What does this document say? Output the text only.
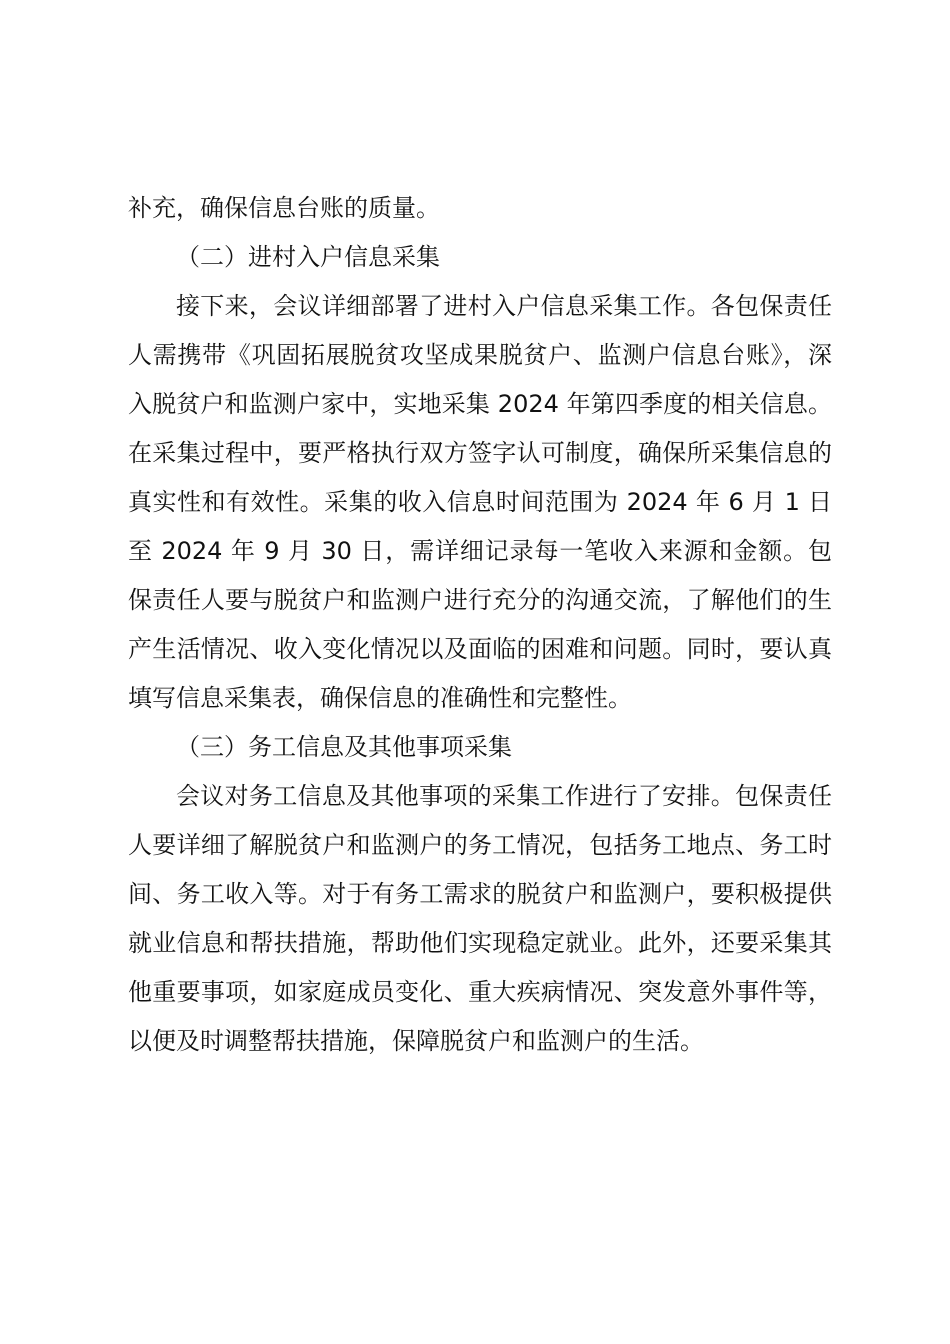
补充，确保信息台账的质量。

（二）进村入户信息采集

接下来，会议详细部署了进村入户信息采集工作。各包保责任人需携带《巩固拓展脱贫攻坚成果脱贫户、监测户信息台账》，深入脱贫户和监测户家中，实地采集 2024 年第四季度的相关信息。在采集过程中，要严格执行双方签字认可制度，确保所采集信息的真实性和有效性。采集的收入信息时间范围为 2024 年 6 月 1 日至 2024 年 9 月 30 日，需详细记录每一笔收入来源和金额。包保责任人要与脱贫户和监测户进行充分的沟通交流，了解他们的生产生活情况、收入变化情况以及面临的困难和问题。同时，要认真填写信息采集表，确保信息的准确性和完整性。

（三）务工信息及其他事项采集

会议对务工信息及其他事项的采集工作进行了安排。包保责任人要详细了解脱贫户和监测户的务工情况，包括务工地点、务工时间、务工收入等。对于有务工需求的脱贫户和监测户，要积极提供就业信息和帮扶措施，帮助他们实现稳定就业。此外，还要采集其他重要事项，如家庭成员变化、重大疾病情况、突发意外事件等，以便及时调整帮扶措施，保障脱贫户和监测户的生活。
